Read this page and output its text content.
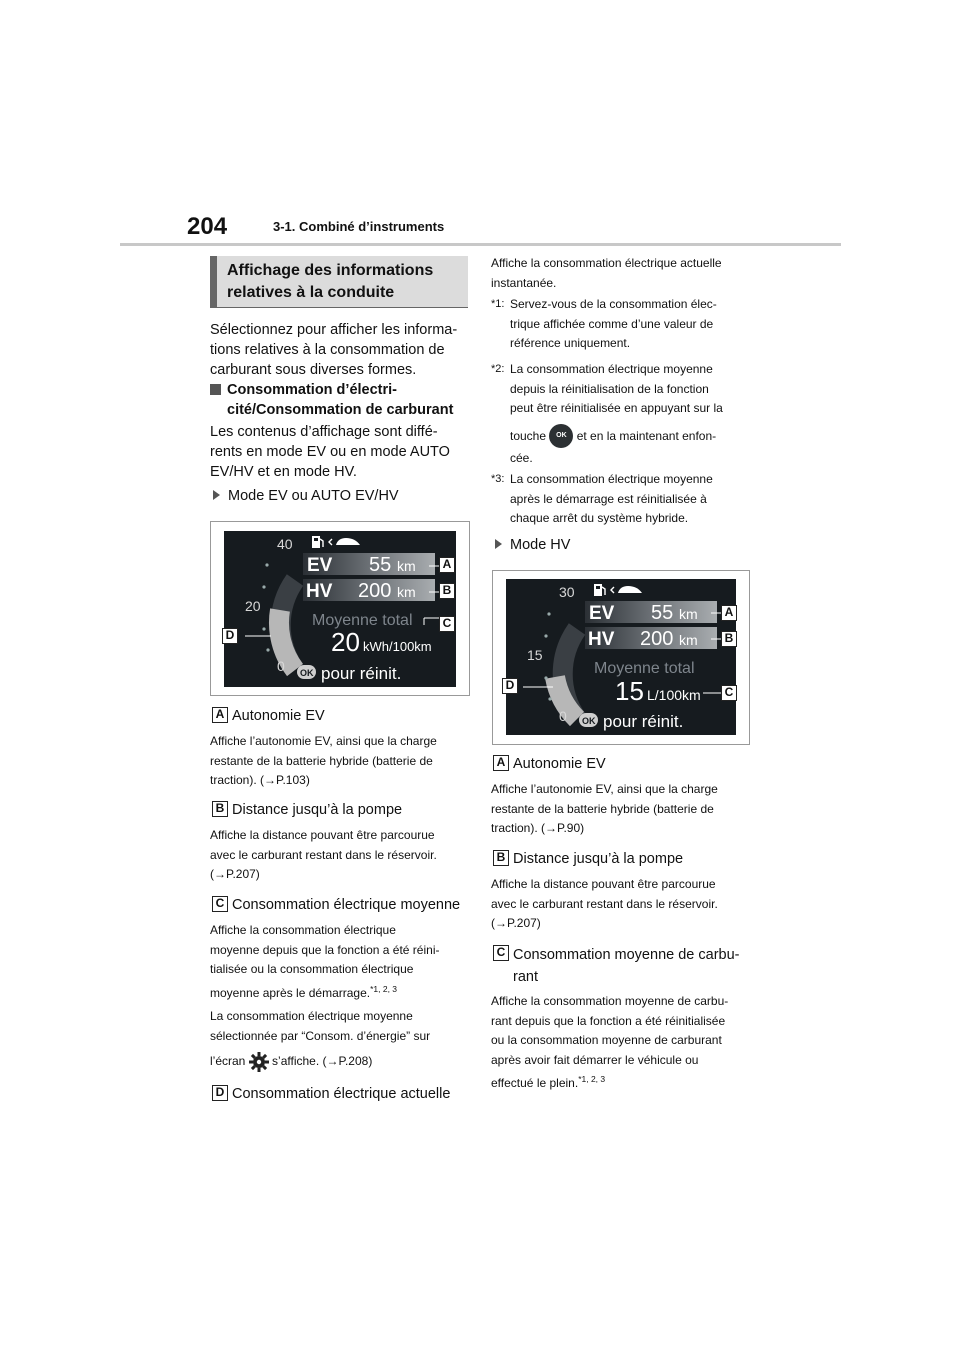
204	3-1. Combiné d’instruments
Affichage des informations
relatives à la conduite
Sélectionnez pour afficher les informa-
tions relatives à la consommation de
carburant sous diverses formes.
Consommation d’électri-
cité/Consommation de carburant
Les contenus d’affichage sont diffé-
rents en mode EV ou en mode AUTO
EV/HV et en mode HV.
Mode EV ou AUTO EV/HV
40
20
0
EV 55 km
HV 200 km
Moyenne total
20 kWh/100km
OK pour réinit.
A
B
C
D
A Autonomie EV
Affiche l’autonomie EV, ainsi que la charge
restante de la batterie hybride (batterie de
traction). (→P.103)
B Distance jusqu’à la pompe
Affiche la distance pouvant être parcourue
avec le carburant restant dans le réservoir.
(→P.207)
C Consommation électrique moyenne
Affiche la consommation électrique
moyenne depuis que la fonction a été réini-
tialisée ou la consommation électrique
moyenne après le démarrage.$^{*1, 2, 3}$
La consommation électrique moyenne
sélectionnée par “Consom. d’énergie” sur
l’écran s’affiche. (→P.208)
D Consommation électrique actuelle
Affiche la consommation électrique actuelle
instantanée.
*1: Servez-vous de la consommation élec-
trique affichée comme d’une valeur de
référence uniquement.
*2: La consommation électrique moyenne
depuis la réinitialisation de la fonction
peut être réinitialisée en appuyant sur la
touche OK et en la maintenant enfon-
cée.
*3: La consommation électrique moyenne
après le démarrage est réinitialisée à
chaque arrêt du système hybride.
Mode HV
30
15
0
EV 55 km
HV 200 km
Moyenne total
15 L/100km
OK pour réinit.
A
B
C
D
A Autonomie EV
Affiche l’autonomie EV, ainsi que la charge
restante de la batterie hybride (batterie de
traction). (→P.90)
B Distance jusqu’à la pompe
Affiche la distance pouvant être parcourue
avec le carburant restant dans le réservoir.
(→P.207)
C Consommation moyenne de carbu-
rant
Affiche la consommation moyenne de carbu-
rant depuis que la fonction a été réinitialisée
ou la consommation moyenne de carburant
après avoir fait démarrer le véhicule ou
effectué le plein.$^{*1, 2, 3}$
